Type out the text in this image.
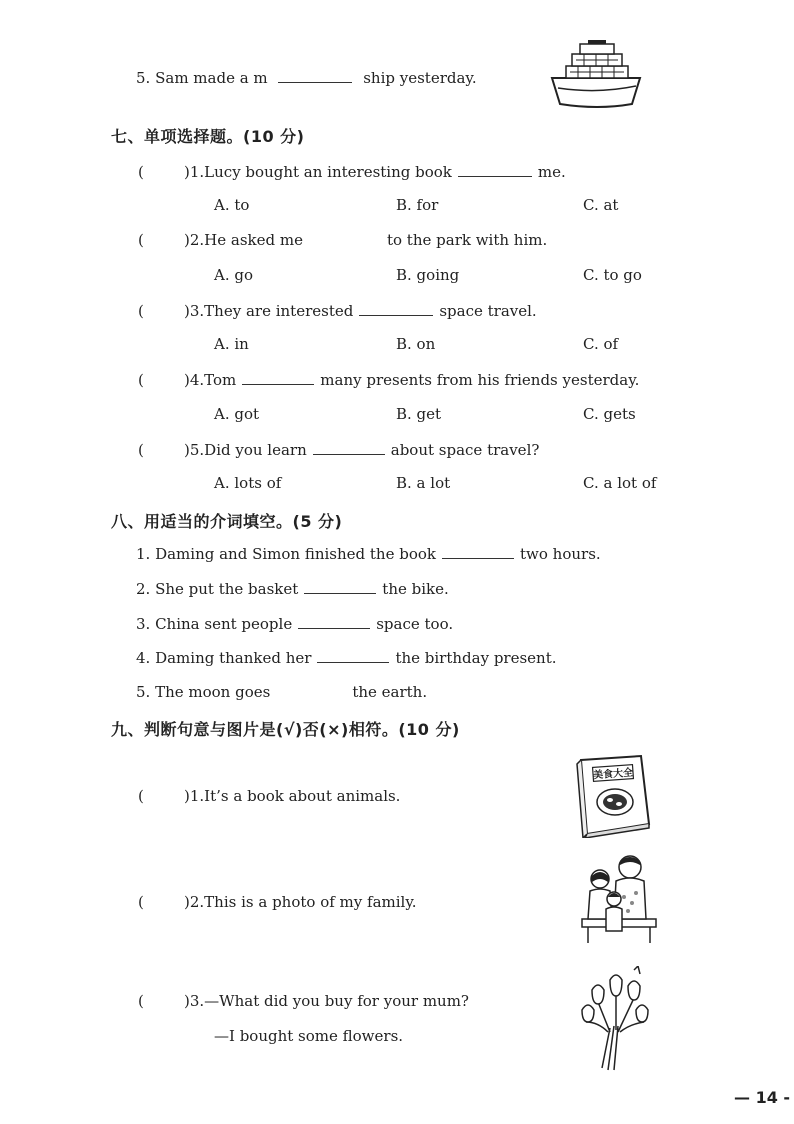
5. Sam made a m	ship yesterday.
七、单项选择题。(10 分)
(	)1.Lucy bought an interesting book	me.
A. to	B. for	C. at
(	)2.He asked me	to the park with him.
A. go	B. going	C. to go
(	)3.They are interested	space travel.
A. in	B. on	C. of
(	)4.Tom	many presents from his friends yesterday.
A. got	B. get	C. gets
(	)5.Did you learn	about space travel?
A. lots of	B. a lot	C. a lot of
八、用适当的介词填空。(5 分)
1. Daming and Simon finished the book	two hours.
2. She put the basket	the bike.
3. China sent people	space too.
4. Daming thanked her	the birthday present.
5. The moon goes	the earth.
九、判断句意与图片是(√)否(×)相符。(10 分)
(	)1.It’s a book about animals.
(	)2.This is a photo of my family.
(	)3.—What did you buy for your mum?
—I bought some flowers.
美食大全
— 14 -
